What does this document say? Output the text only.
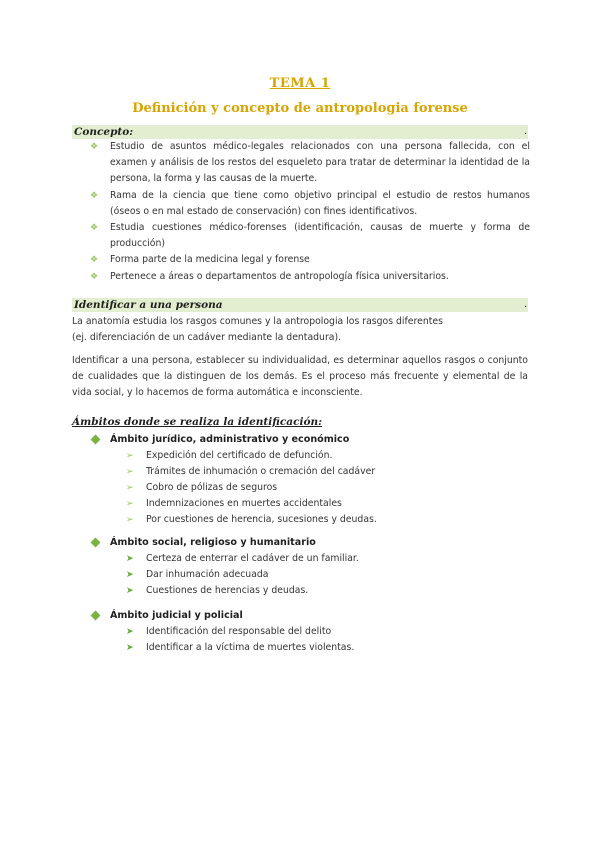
TEMA 1
Definición y concepto de antropologia forense
Concepto:	.
❖ Estudio de asuntos médico-legales relacionados con una persona fallecida, con el examen y análisis de los restos del esqueleto para tratar de determinar la identidad de la persona, la forma y las causas de la muerte.
❖ Rama de la ciencia que tiene como objetivo principal el estudio de restos humanos (óseos o en mal estado de conservación) con fines identificativos.
❖ Estudia cuestiones médico-forenses (identificación, causas de muerte y forma de producción)
❖ Forma parte de la medicina legal y forense
❖ Pertenece a áreas o departamentos de antropología física universitarios.
Identificar a una persona	.

La anatomía estudia los rasgos comunes y la antropologia los rasgos diferentes
(ej. diferenciación de un cadáver mediante la dentadura).

Identificar a una persona, establecer su individualidad, es determinar aquellos rasgos o conjunto de cualidades que la distinguen de los demás. Es el proceso más frecuente y elemental de la vida social, y lo hacemos de forma automática e inconsciente.

Ámbitos donde se realiza la identificación:
Ámbito jurídico, administrativo y económico
➢ Expedición del certificado de defunción.
➢ Trámites de inhumación o cremación del cadáver
➢ Cobro de pólizas de seguros
➢ Indemnizaciones en muertes accidentales
➢ Por cuestiones de herencia, sucesiones y deudas.
Ámbito social, religioso y humanitario
➤ Certeza de enterrar el cadáver de un familiar.
➤ Dar inhumación adecuada
➤ Cuestiones de herencias y deudas.
Ámbito judicial y policial
➤ Identificación del responsable del delito
➤ Identificar a la víctima de muertes violentas.
